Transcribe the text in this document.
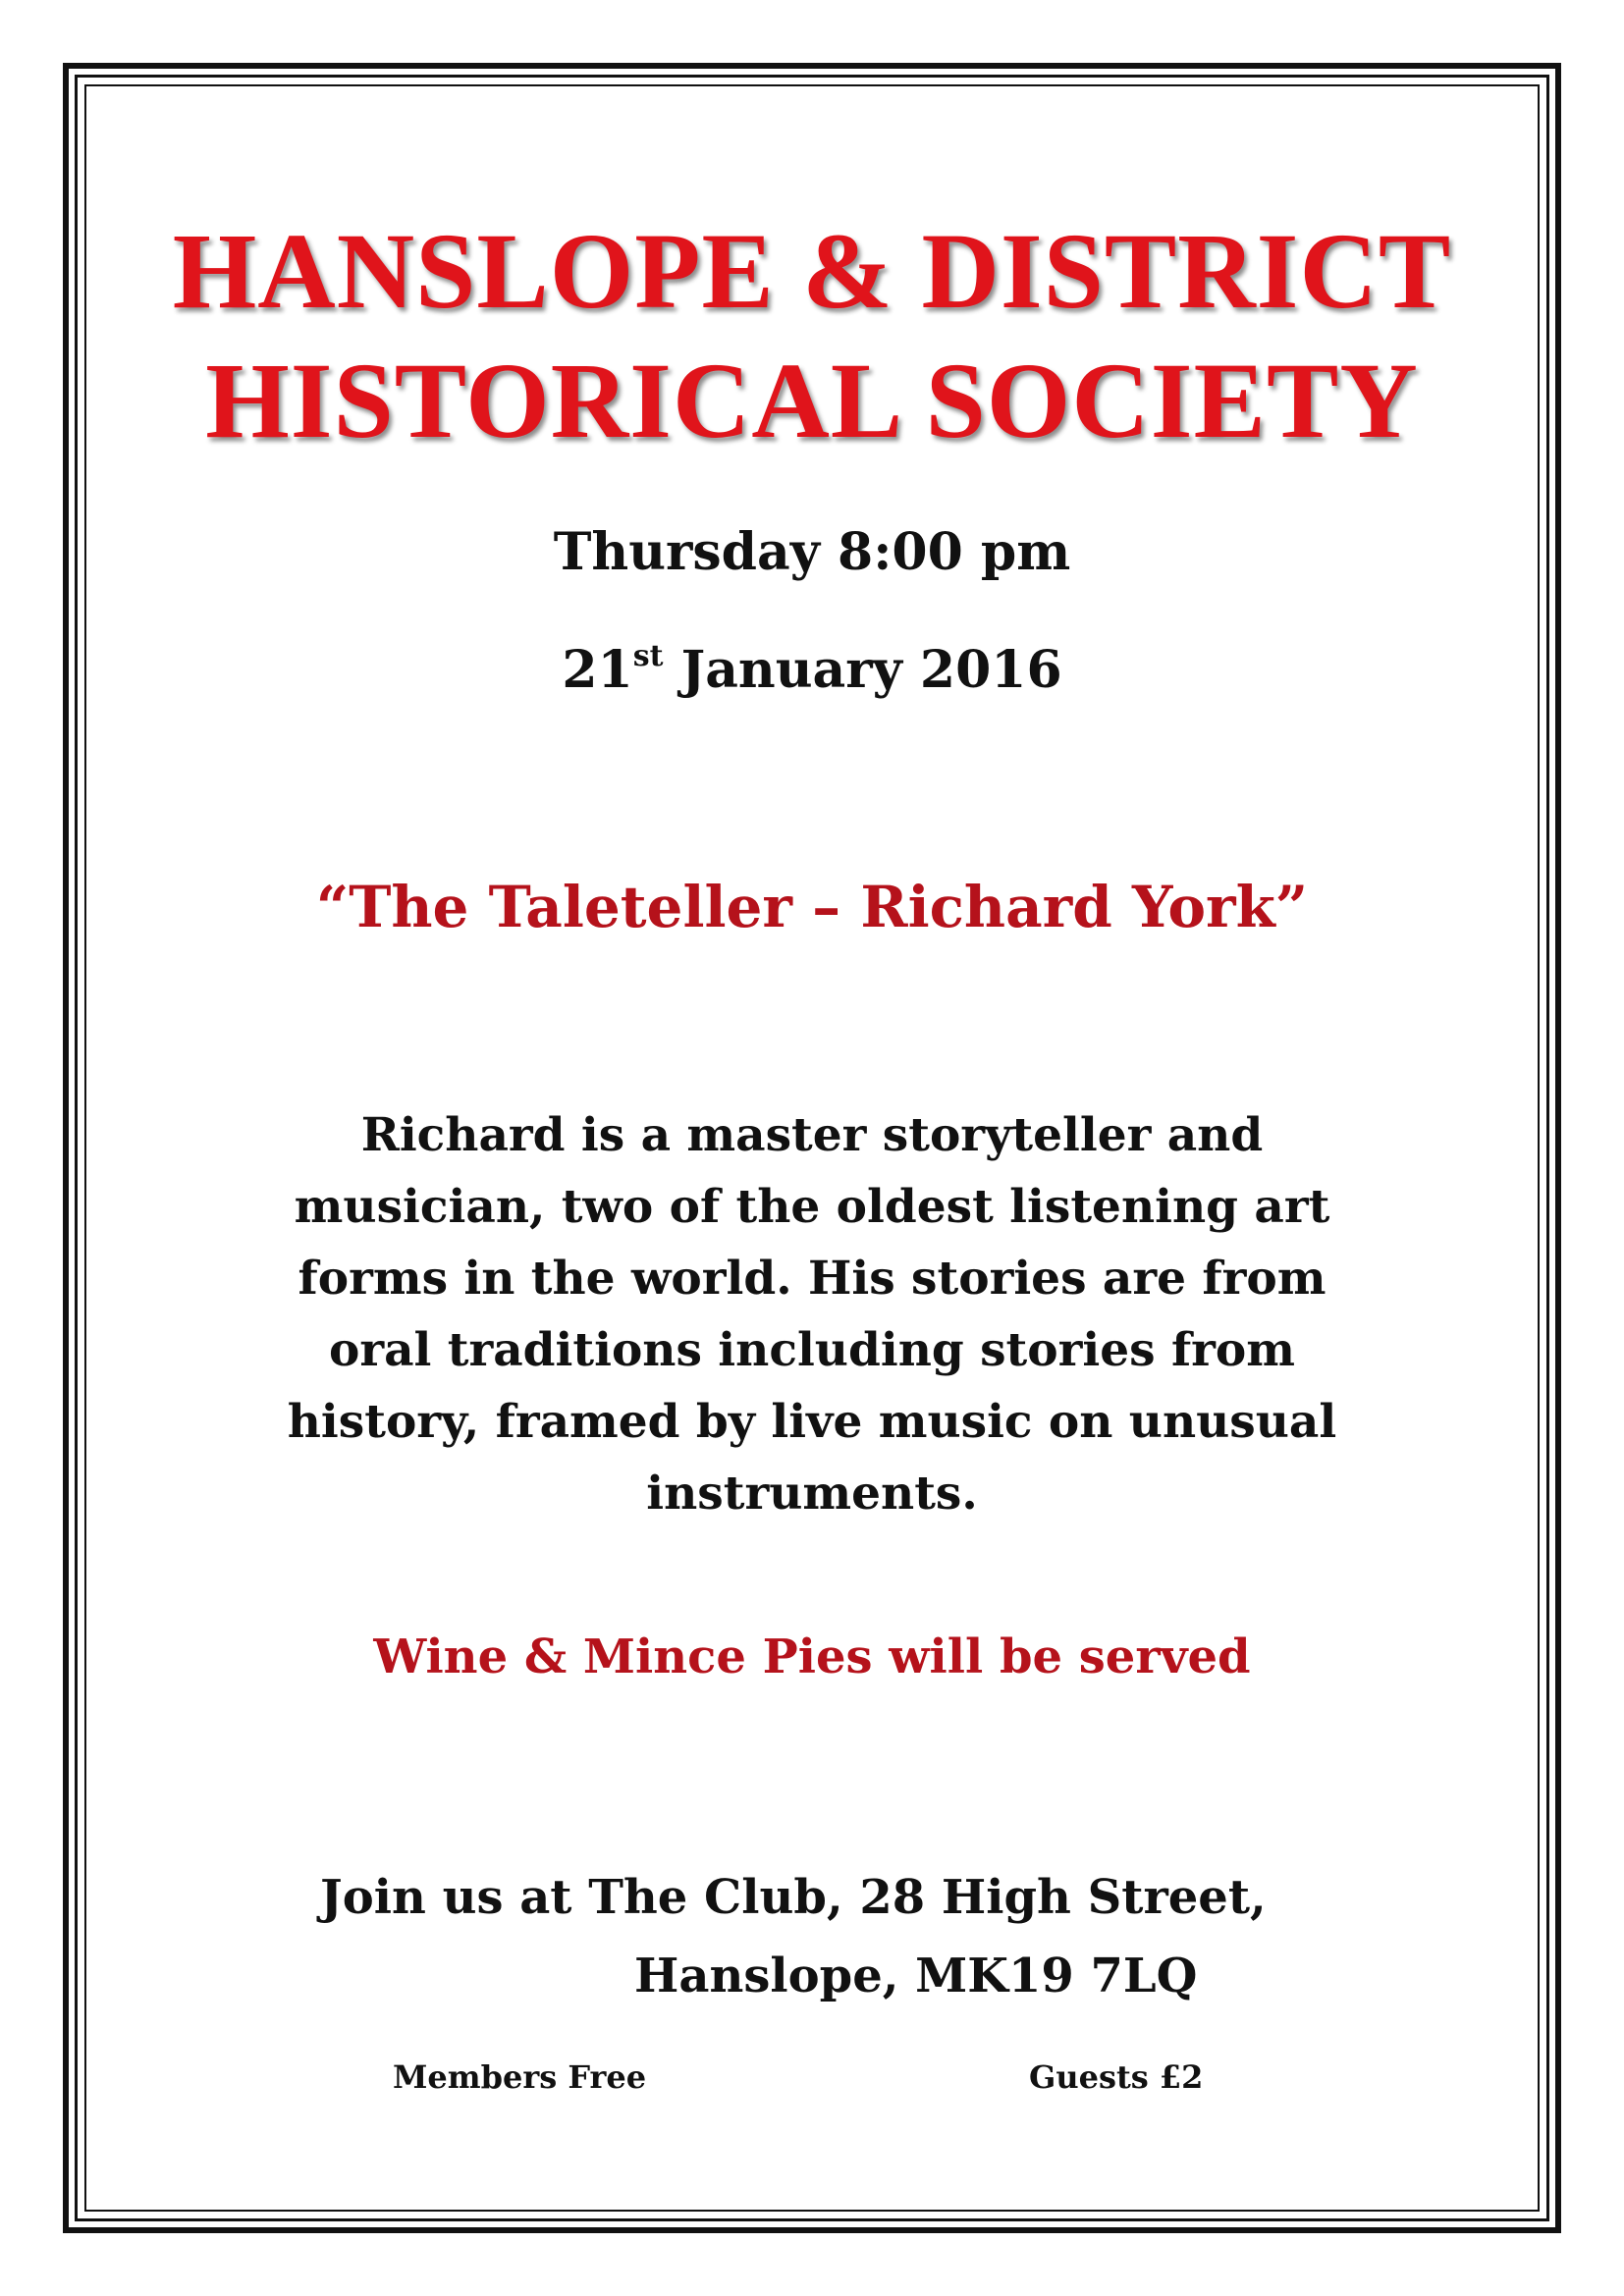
HANSLOPE & DISTRICT
HISTORICAL SOCIETY
Thursday 8:00 pm
21st January 2016
“The Taleteller – Richard York”
Richard is a master storyteller and
musician, two of the oldest listening art
forms in the world. His stories are from
oral traditions including stories from
history, framed by live music on unusual
instruments.
Wine & Mince Pies will be served
Join us at The Club, 28 High Street,
Hanslope, MK19 7LQ
Members Free	Guests £2
